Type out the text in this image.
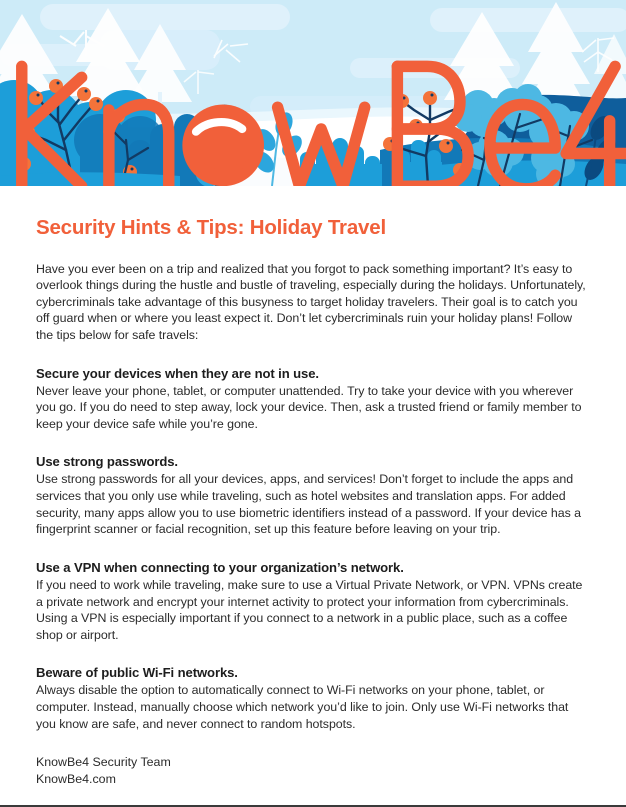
Security Hints & Tips: Holiday Travel

Have you ever been on a trip and realized that you forgot to pack something important? It’s easy to overlook things during the hustle and bustle of traveling, especially during the holidays. Unfortunately, cybercriminals take advantage of this busyness to target holiday travelers. Their goal is to catch you off guard when or where you least expect it. Don’t let cybercriminals ruin your holiday plans! Follow the tips below for safe travels:

Secure your devices when they are not in use.
Never leave your phone, tablet, or computer unattended. Try to take your device with you wherever you go. If you do need to step away, lock your device. Then, ask a trusted friend or family member to keep your device safe while you’re gone.
Use strong passwords.
Use strong passwords for all your devices, apps, and services! Don’t forget to include the apps and services that you only use while traveling, such as hotel websites and translation apps. For added security, many apps allow you to use biometric identifiers instead of a password. If your device has a fingerprint scanner or facial recognition, set up this feature before leaving on your trip.
Use a VPN when connecting to your organization’s network.
If you need to work while traveling, make sure to use a Virtual Private Network, or VPN. VPNs create a private network and encrypt your internet activity to protect your information from cybercriminals. Using a VPN is especially important if you connect to a network in a public place, such as a coffee shop or airport.
Beware of public Wi-Fi networks.
Always disable the option to automatically connect to Wi-Fi networks on your phone, tablet, or computer. Instead, manually choose which network you’d like to join. Only use Wi-Fi networks that you know are safe, and never connect to random hotspots.
KnowBe4 Security Team
KnowBe4.com
